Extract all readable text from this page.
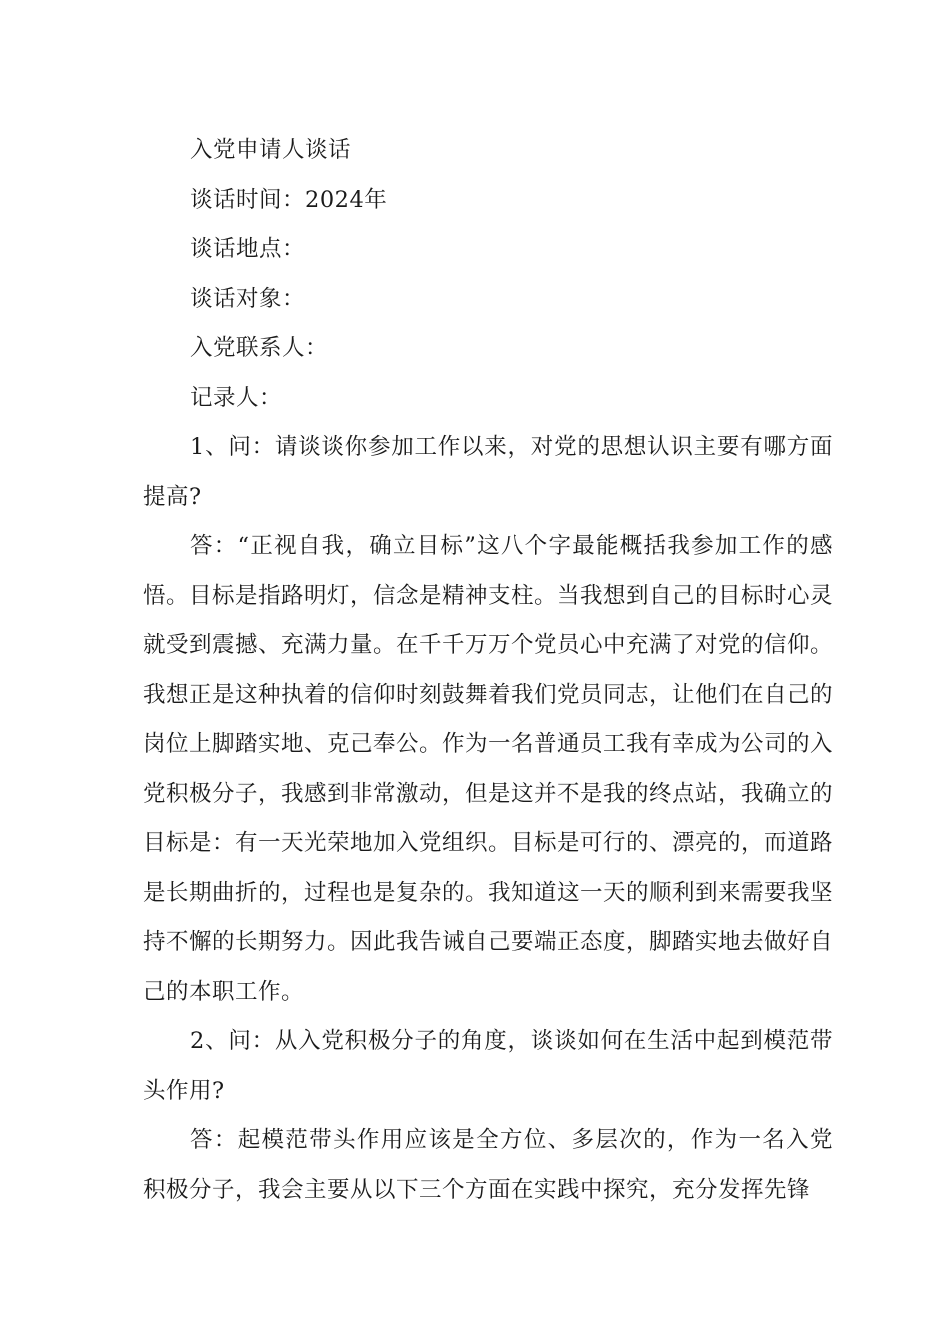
入党申请人谈话
谈话时间：2024年
谈话地点：
谈话对象：
入党联系人：
记录人：

1、问：请谈谈你参加工作以来，对党的思想认识主要有哪方面提高?

答：“正视自我，确立目标”这八个字最能概括我参加工作的感悟。目标是指路明灯，信念是精神支柱。当我想到自己的目标时心灵就受到震撼、充满力量。在千千万万个党员心中充满了对党的信仰。我想正是这种执着的信仰时刻鼓舞着我们党员同志，让他们在自己的岗位上脚踏实地、克己奉公。作为一名普通员工我有幸成为公司的入党积极分子，我感到非常激动，但是这并不是我的终点站，我确立的目标是：有一天光荣地加入党组织。目标是可行的、漂亮的，而道路是长期曲折的，过程也是复杂的。我知道这一天的顺利到来需要我坚持不懈的长期努力。因此我告诫自己要端正态度，脚踏实地去做好自己的本职工作。

2、问：从入党积极分子的角度，谈谈如何在生活中起到模范带头作用?

答：起模范带头作用应该是全方位、多层次的，作为一名入党积极分子，我会主要从以下三个方面在实践中探究，充分发挥先锋
